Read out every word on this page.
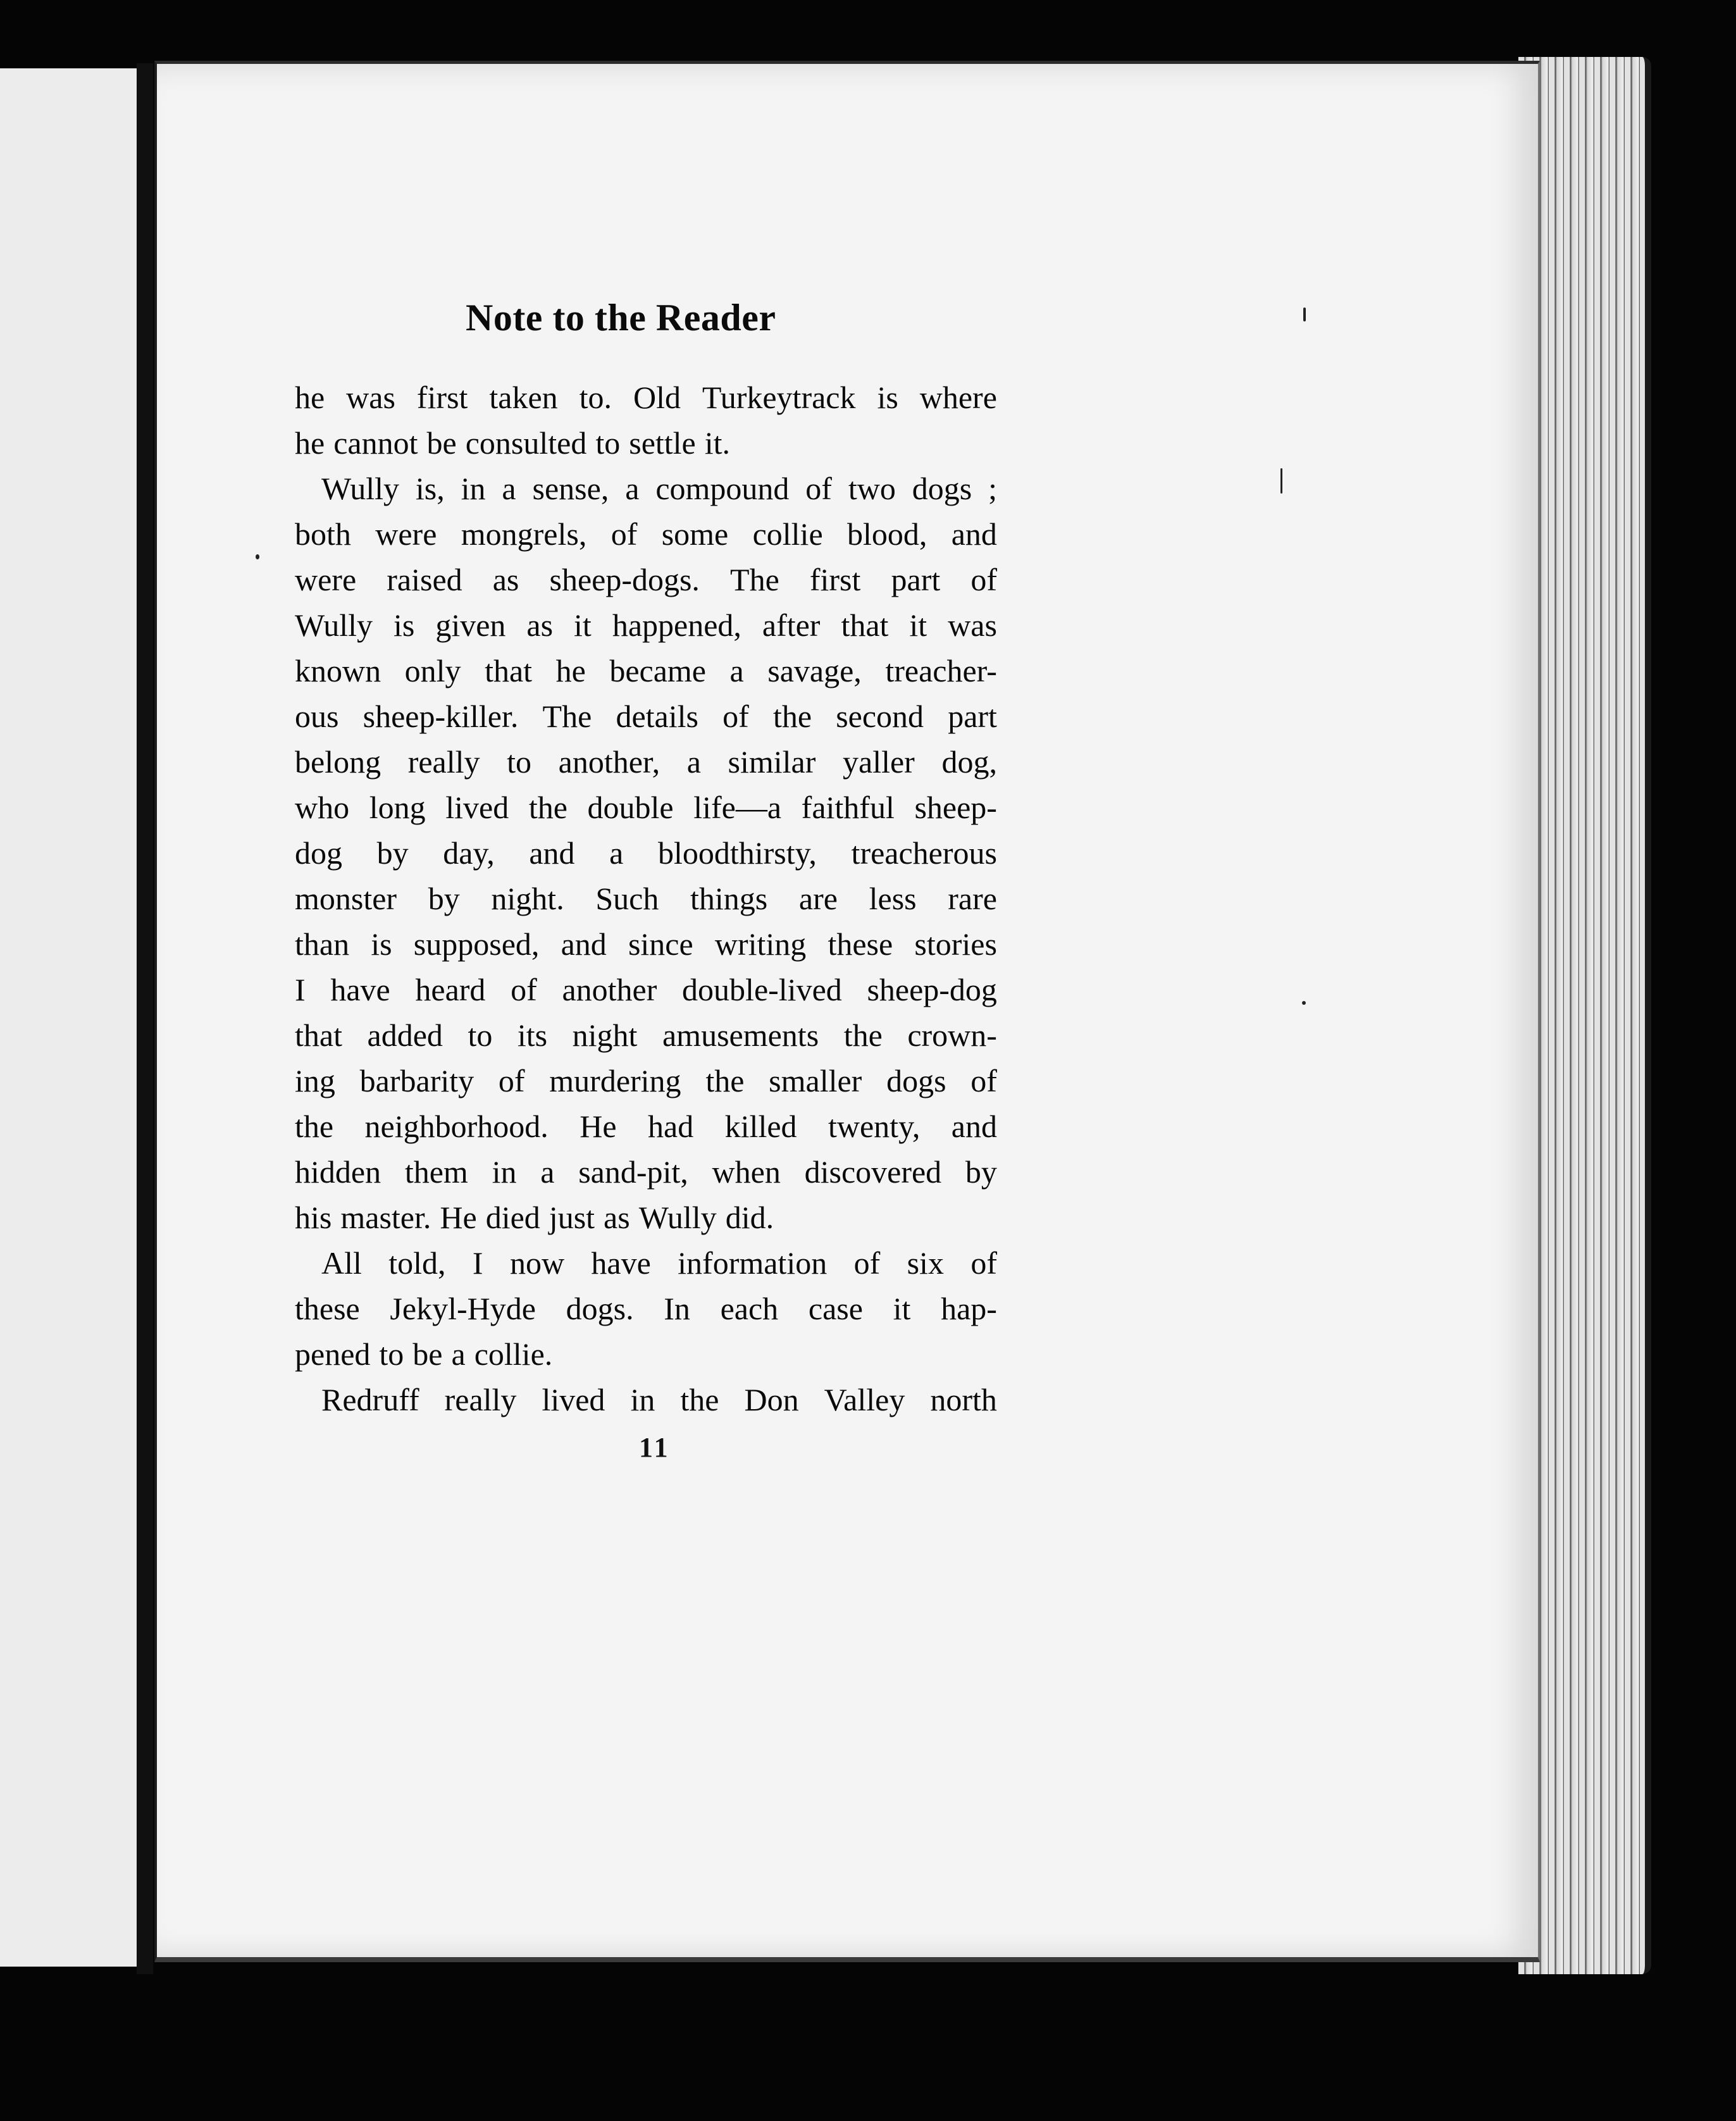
Note to the Reader
he was first taken to. Old Turkeytrack is where
he cannot be consulted to settle it.
Wully is, in a sense, a compound of two dogs ;
both were mongrels, of some collie blood, and
were raised as sheep-dogs. The first part of
Wully is given as it happened, after that it was
known only that he became a savage, treacher-
ous sheep-killer. The details of the second part
belong really to another, a similar yaller dog,
who long lived the double life—a faithful sheep-
dog by day, and a bloodthirsty, treacherous
monster by night. Such things are less rare
than is supposed, and since writing these stories
I have heard of another double-lived sheep-dog
that added to its night amusements the crown-
ing barbarity of murdering the smaller dogs of
the neighborhood. He had killed twenty, and
hidden them in a sand-pit, when discovered by
his master. He died just as Wully did.
All told, I now have information of six of
these Jekyl-Hyde dogs. In each case it hap-
pened to be a collie.
Redruff really lived in the Don Valley north

11
